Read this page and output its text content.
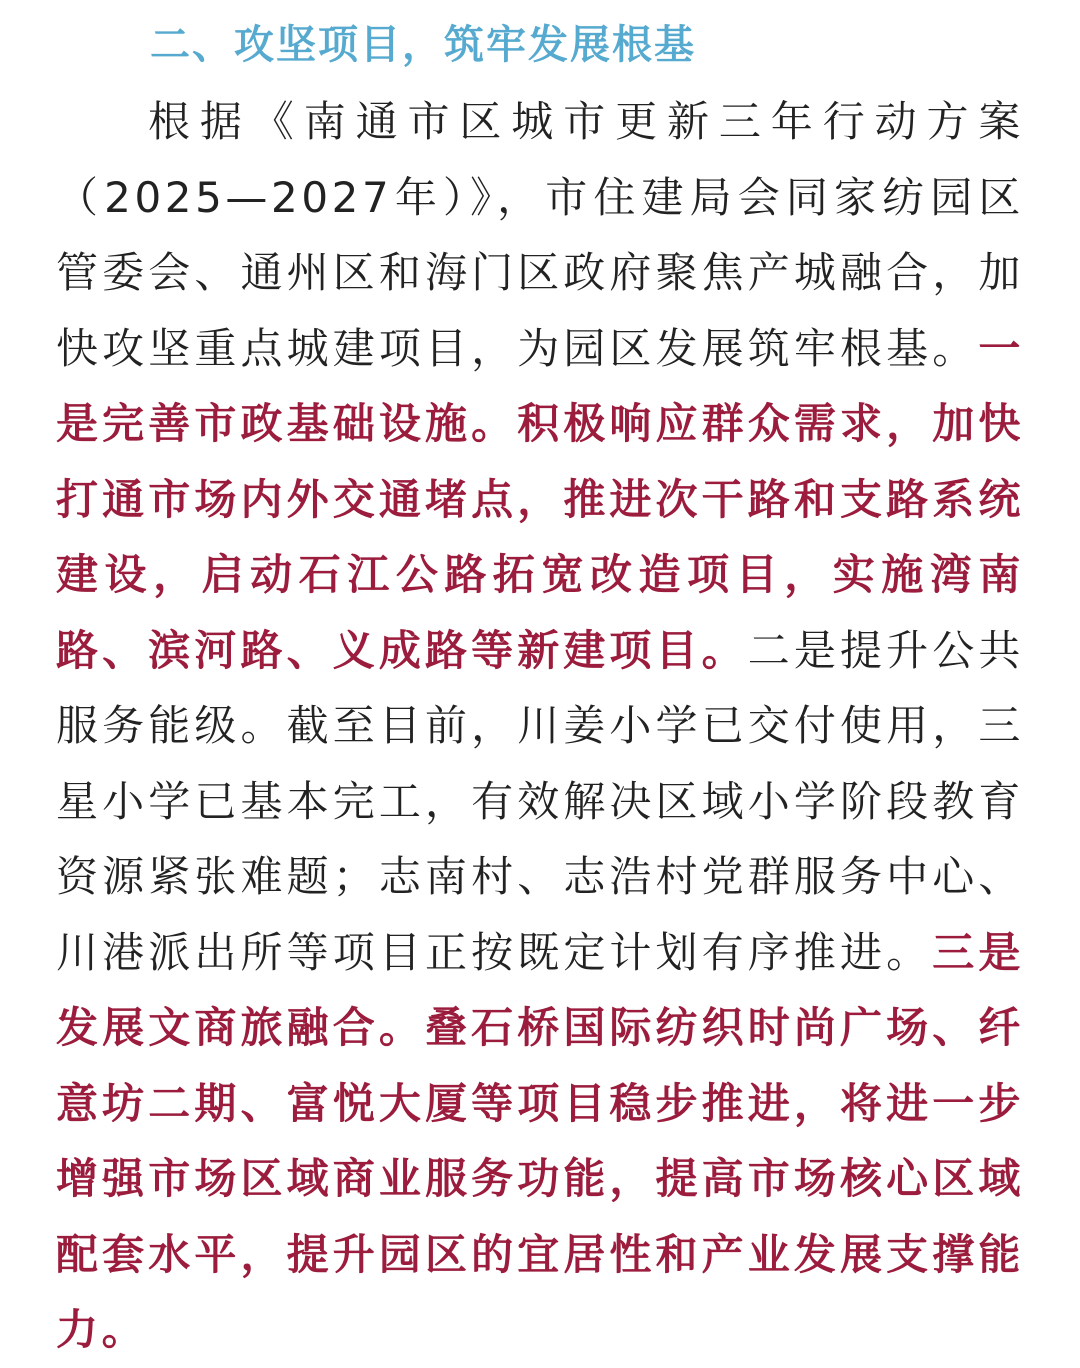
二、攻坚项目，筑牢发展根基

根据《南通市区城市更新三年行动方案（2025—2027年）》，市住建局会同家纺园区管委会、通州区和海门区政府聚焦产城融合，加快攻坚重点城建项目，为园区发展筑牢根基。一是完善市政基础设施。积极响应群众需求，加快打通市场内外交通堵点，推进次干路和支路系统建设，启动石江公路拓宽改造项目，实施湾南路、滨河路、义成路等新建项目。二是提升公共服务能级。截至目前，川姜小学已交付使用，三星小学已基本完工，有效解决区域小学阶段教育资源紧张难题；志南村、志浩村党群服务中心、川港派出所等项目正按既定计划有序推进。三是发展文商旅融合。叠石桥国际纺织时尚广场、纤意坊二期、富悦大厦等项目稳步推进，将进一步增强市场区域商业服务功能，提高市场核心区域配套水平，提升园区的宜居性和产业发展支撑能力。
